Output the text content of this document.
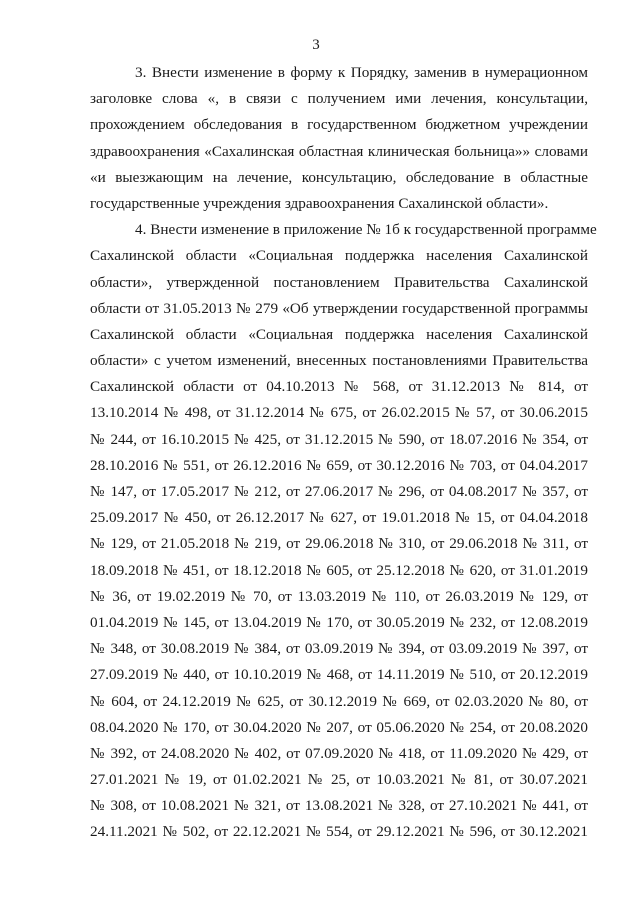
3
3. Внести изменение в форму к Порядку, заменив в нумерационном
заголовке слова «, в связи с получением ими лечения, консультации,
прохождением обследования в государственном бюджетном учреждении
здравоохранения «Сахалинская областная клиническая больница»» словами
«и выезжающим на лечение, консультацию, обследование в областные
государственные учреждения здравоохранения Сахалинской области».
4. Внести изменение в приложение № 1б к государственной программе
Сахалинской области «Социальная поддержка населения Сахалинской
области», утвержденной постановлением Правительства Сахалинской
области от 31.05.2013 № 279 «Об утверждении государственной программы
Сахалинской области «Социальная поддержка населения Сахалинской
области» с учетом изменений, внесенных постановлениями Правительства
Сахалинской области от 04.10.2013 № 568, от 31.12.2013 № 814, от
13.10.2014 № 498, от 31.12.2014 № 675, от 26.02.2015 № 57, от 30.06.2015
№ 244, от 16.10.2015 № 425, от 31.12.2015 № 590, от 18.07.2016 № 354, от
28.10.2016 № 551, от 26.12.2016 № 659, от 30.12.2016 № 703, от 04.04.2017
№ 147, от 17.05.2017 № 212, от 27.06.2017 № 296, от 04.08.2017 № 357, от
25.09.2017 № 450, от 26.12.2017 № 627, от 19.01.2018 № 15, от 04.04.2018
№ 129, от 21.05.2018 № 219, от 29.06.2018 № 310, от 29.06.2018 № 311, от
18.09.2018 № 451, от 18.12.2018 № 605, от 25.12.2018 № 620, от 31.01.2019
№ 36, от 19.02.2019 № 70, от 13.03.2019 № 110, от 26.03.2019 № 129, от
01.04.2019 № 145, от 13.04.2019 № 170, от 30.05.2019 № 232, от 12.08.2019
№ 348, от 30.08.2019 № 384, от 03.09.2019 № 394, от 03.09.2019 № 397, от
27.09.2019 № 440, от 10.10.2019 № 468, от 14.11.2019 № 510, от 20.12.2019
№ 604, от 24.12.2019 № 625, от 30.12.2019 № 669, от 02.03.2020 № 80, от
08.04.2020 № 170, от 30.04.2020 № 207, от 05.06.2020 № 254, от 20.08.2020
№ 392, от 24.08.2020 № 402, от 07.09.2020 № 418, от 11.09.2020 № 429, от
27.01.2021 № 19, от 01.02.2021 № 25, от 10.03.2021 № 81, от 30.07.2021
№ 308, от 10.08.2021 № 321, от 13.08.2021 № 328, от 27.10.2021 № 441, от
24.11.2021 № 502, от 22.12.2021 № 554, от 29.12.2021 № 596, от 30.12.2021
